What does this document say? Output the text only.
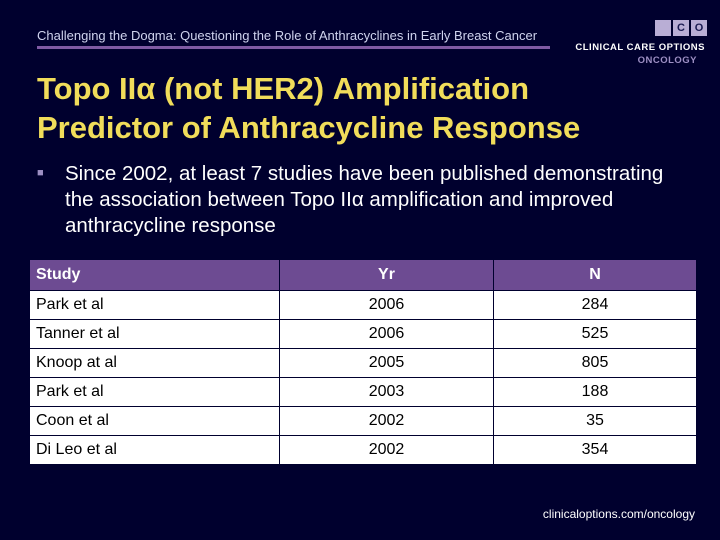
Challenging the Dogma: Questioning the Role of Anthracyclines in Early Breast Cancer	C O
CLINICAL CARE OPTIONS
ONCOLOGY
Topo IIα (not HER2) Amplification
Predictor of Anthracycline Response
■ Since 2002, at least 7 studies have been published demonstrating the association between Topo IIα amplification and improved anthracycline response
Study	Yr	N
Park et al	2006	284
Tanner et al	2006	525
Knoop at al	2005	805
Park et al	2003	188
Coon et al	2002	35
Di Leo et al	2002	354
clinicaloptions.com/oncology
